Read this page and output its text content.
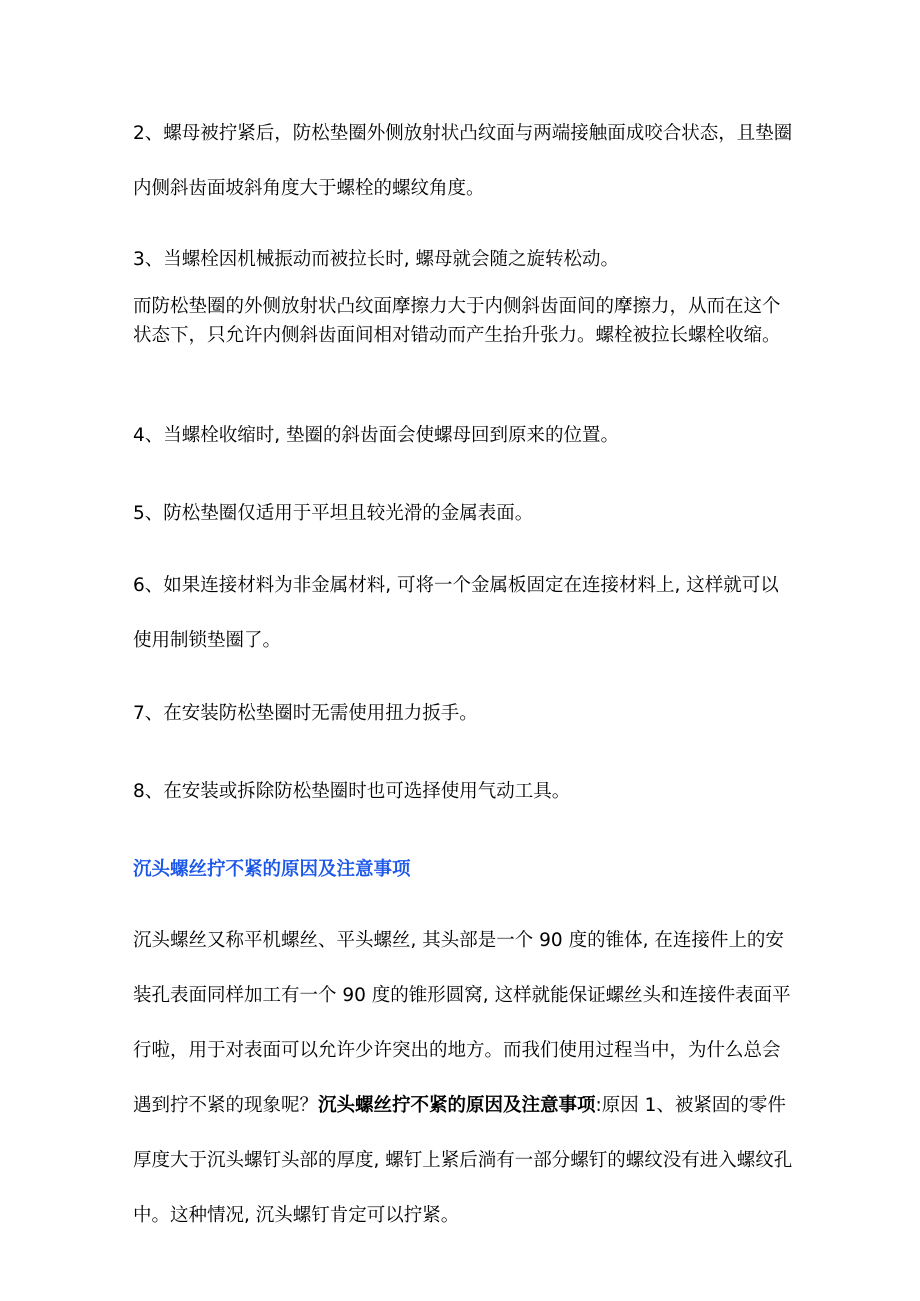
2、螺母被拧紧后，防松垫圈外侧放射状凸纹面与两端接触面成咬合状态，且垫圈内侧斜齿面坡斜角度大于螺栓的螺纹角度。

3、当螺栓因机械振动而被拉长时, 螺母就会随之旋转松动。

而防松垫圈的外侧放射状凸纹面摩擦力大于内侧斜齿面间的摩擦力，从而在这个状态下，只允许内侧斜齿面间相对错动而产生抬升张力。螺栓被拉长螺栓收缩。

4、当螺栓收缩时, 垫圈的斜齿面会使螺母回到原来的位置。

5、防松垫圈仅适用于平坦且较光滑的金属表面。

6、如果连接材料为非金属材料, 可将一个金属板固定在连接材料上, 这样就可以使用制锁垫圈了。

7、在安装防松垫圈时无需使用扭力扳手。

8、在安装或拆除防松垫圈时也可选择使用气动工具。

沉头螺丝拧不紧的原因及注意事项

沉头螺丝又称平机螺丝、平头螺丝, 其头部是一个 90 度的锥体, 在连接件上的安装孔表面同样加工有一个 90 度的锥形圆窝, 这样就能保证螺丝头和连接件表面平行啦，用于对表面可以允许少许突出的地方。而我们使用过程当中，为什么总会遇到拧不紧的现象呢？沉头螺丝拧不紧的原因及注意事项:原因 1、被紧固的零件厚度大于沉头螺钉头部的厚度, 螺钉上紧后淌有一部分螺钉的螺纹没有进入螺纹孔中。这种情况, 沉头螺钉肯定可以拧紧。
